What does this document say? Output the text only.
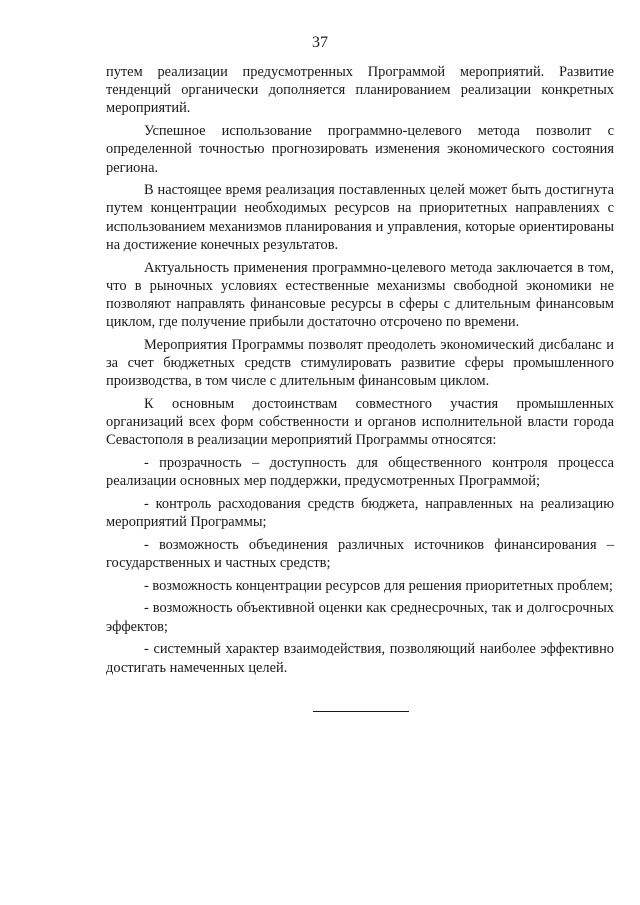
37

путем реализации предусмотренных Программой мероприятий. Развитие тенденций органически дополняется планированием реализации конкретных мероприятий.

Успешное использование программно-целевого метода позволит с определенной точностью прогнозировать изменения экономического состояния региона.

В настоящее время реализация поставленных целей может быть достигнута путем концентрации необходимых ресурсов на приоритетных направлениях с использованием механизмов планирования и управления, которые ориентированы на достижение конечных результатов.

Актуальность применения программно-целевого метода заключается в том, что в рыночных условиях естественные механизмы свободной экономики не позволяют направлять финансовые ресурсы в сферы с длительным финансовым циклом, где получение прибыли достаточно отсрочено по времени.

Мероприятия Программы позволят преодолеть экономический дисбаланс и за счет бюджетных средств стимулировать развитие сферы промышленного производства, в том числе с длительным финансовым циклом.

К основным достоинствам совместного участия промышленных организаций всех форм собственности и органов исполнительной власти города Севастополя в реализации мероприятий Программы относятся:

- прозрачность – доступность для общественного контроля процесса реализации основных мер поддержки, предусмотренных Программой;

- контроль расходования средств бюджета, направленных на реализацию мероприятий Программы;

- возможность объединения различных источников финансирования – государственных и частных средств;

- возможность концентрации ресурсов для решения приоритетных проблем;

- возможность объективной оценки как среднесрочных, так и долгосрочных эффектов;

- системный характер взаимодействия, позволяющий наиболее эффективно достигать намеченных целей.
